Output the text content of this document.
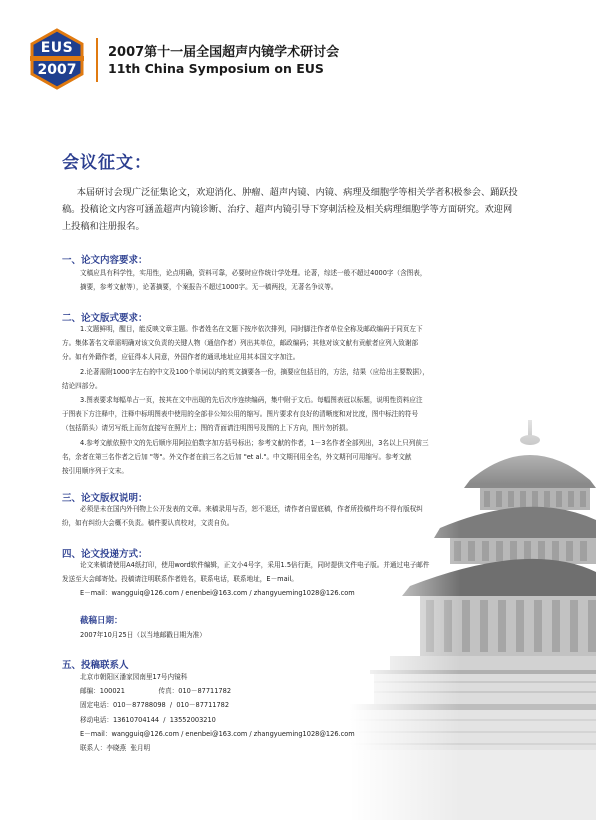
EUS
2007
2007第十一届全国超声内镜学术研讨会
11th China Symposium on EUS
会议征文：
本届研讨会现广泛征集论文，欢迎消化、肿瘤、超声内镜、内镜、病理及细胞学等相关学者积极参会、踊跃投稿。投稿论文内容可涵盖超声内镜诊断、治疗、超声内镜引导下穿刺活检及相关病理细胞学等方面研究。欢迎网上投稿和注册报名。
一、论文内容要求：

文稿应具有科学性，实用性，论点明确，资料可靠，必要时应作统计学处理。论著，综述一般不超过4000字（含图表，

摘要，参考文献等），论著摘要，个案报告不超过1000字。无一稿两投，无著名争议等。

二、论文版式要求：

1.文题鲜明，醒目，能反映文章主题。作者姓名在文题下按序依次排列，同时脚注作者单位全称及邮政编码于同页左下

方。集体著名文章需明确对该文负责的关键人物（通信作者）列出其单位，邮政编码；其他对该文献有贡献者应列入致谢部

分。如有外籍作者，应征得本人同意，外国作者的通讯地址应用其本国文字加注。

2.论著需附1000字左右的中文及100个单词以内的英文摘要各一份，摘要应包括目的，方法，结果（应给出主要数据），

结论四部分。

3.图表要求每幅单占一页，按其在文中出现的先后次序连续编码，集中附于文后。每幅图表冠以标题，说明性资料应注

于图表下方注释中，注释中标明图表中使用的全部非公知公用的缩写。图片要求有良好的清晰度和对比度，图中标注的符号

（包括箭头）请另写纸上而勿直接写在照片上；图的背面请注明图号及图的上下方向，图片勿折损。

4.参考文献依照中文的先后顺序用阿拉伯数字加方括号标出；参考文献的作者，1－3名作者全部列出，3名以上只列前三

名，余者在第三名作者之后加 "等"。外文作者在前三名之后加 "et al."。中文期刊用全名，外文期刊可用缩写。参考文献

按引用顺序列于文末。

三、论文版权说明：

必须是未在国内外刊物上公开发表的文章。来稿录用与否，恕不退还，请作者自留底稿，作者所投稿件均不得有版权纠

纷，如有纠纷大会概不负责。稿件要认真校对，文责自负。

四、论文投递方式：

论文来稿请使用A4纸打印，使用word软件编辑，正文小4号字，采用1.5倍行距，同时提供文件电子版。并通过电子邮件

发送至大会邮寄处。投稿请注明联系作者姓名，联系电话，联系地址，E－mail。

E－mail：wangguiq@126.com / enenbei@163.com / zhangyueming1028@126.com

截稿日期：

2007年10月25日（以当地邮戳日期为准）

五、投稿联系人

北京市朝阳区潘家园南里17号内镜科

邮编：100021                传真：010－87711782

固定电话：010－87788098  /  010－87711782

移动电话：13610704144  /  13552003210

E－mail：wangguiq@126.com / enenbei@163.com / zhangyueming1028@126.com

联系人：李晓燕  张月明
